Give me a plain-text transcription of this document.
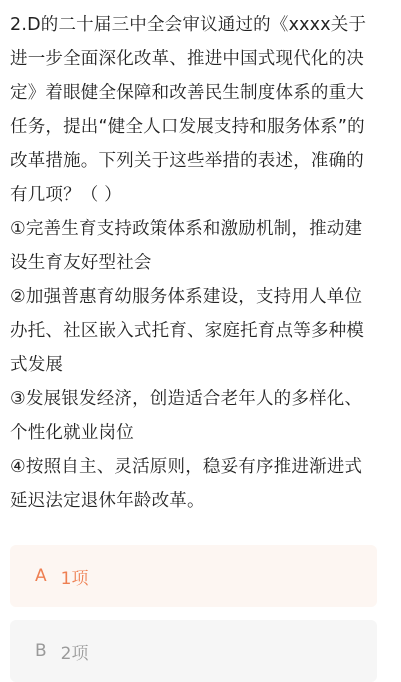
2.D的二十届三中全会审议通过的《xxxx关于
进一步全面深化改革、推进中国式现代化的决
定》着眼健全保障和改善民生制度体系的重大
任务，提出“健全人口发展支持和服务体系”的
改革措施。下列关于这些举措的表述，准确的
有几项？（ ）
①完善生育支持政策体系和激励机制，推动建
设生育友好型社会
②加强普惠育幼服务体系建设，支持用人单位
办托、社区嵌入式托育、家庭托育点等多种模
式发展
③发展银发经济，创造适合老年人的多样化、
个性化就业岗位
④按照自主、灵活原则，稳妥有序推进渐进式
延迟法定退休年龄改革。
A 1项
B 2项
